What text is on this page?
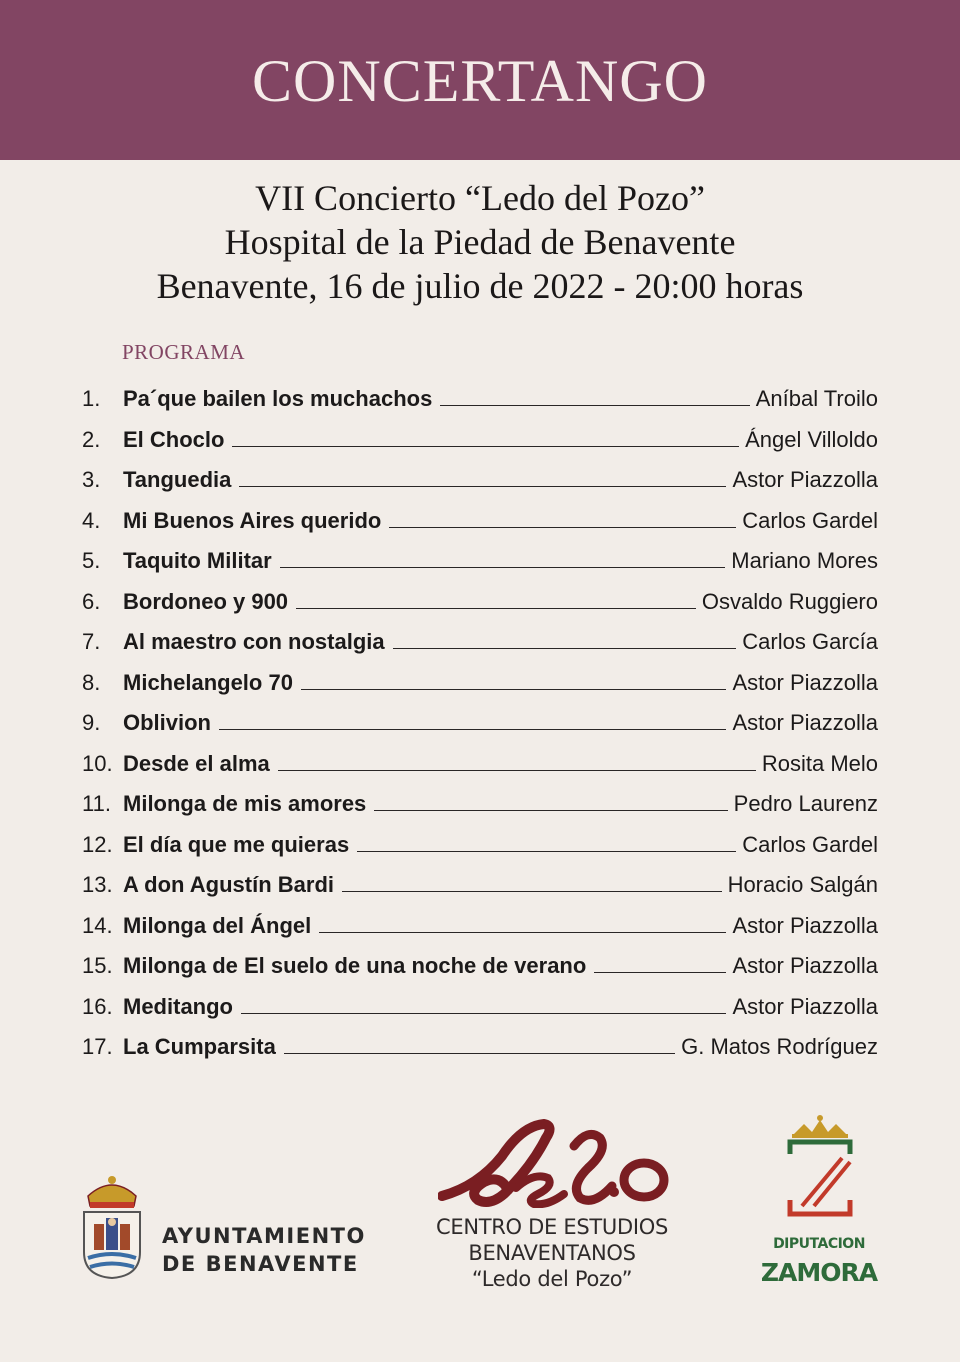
CONCERTANGO
VII Concierto “Ledo del Pozo”
Hospital de la Piedad de Benavente
Benavente, 16 de julio de 2022 - 20:00 horas
PROGRAMA
1.	Pa´que bailen los muchachos	Aníbal Troilo
2.	El Choclo	Ángel Villoldo
3.	Tanguedia	Astor Piazzolla
4.	Mi Buenos Aires querido	Carlos Gardel
5.	Taquito Militar	Mariano Mores
6.	Bordoneo y 900	Osvaldo Ruggiero
7.	Al maestro con nostalgia	Carlos García
8.	Michelangelo 70	Astor Piazzolla
9.	Oblivion	Astor Piazzolla
10. Desde el alma	Rosita Melo
11. Milonga de mis amores	Pedro Laurenz
12. El día que me quieras	Carlos Gardel
13. A don Agustín Bardi	Horacio Salgán
14. Milonga del Ángel	Astor Piazzolla
15. Milonga de El suelo de una noche de verano	Astor Piazzolla
16. Meditango	Astor Piazzolla
17. La Cumparsita	G. Matos Rodríguez
AYUNTAMIENTO
DE BENAVENTE
CENTRO DE ESTUDIOS
BENAVENTANOS
“Ledo del Pozo”
DIPUTACION
ZAMORA
